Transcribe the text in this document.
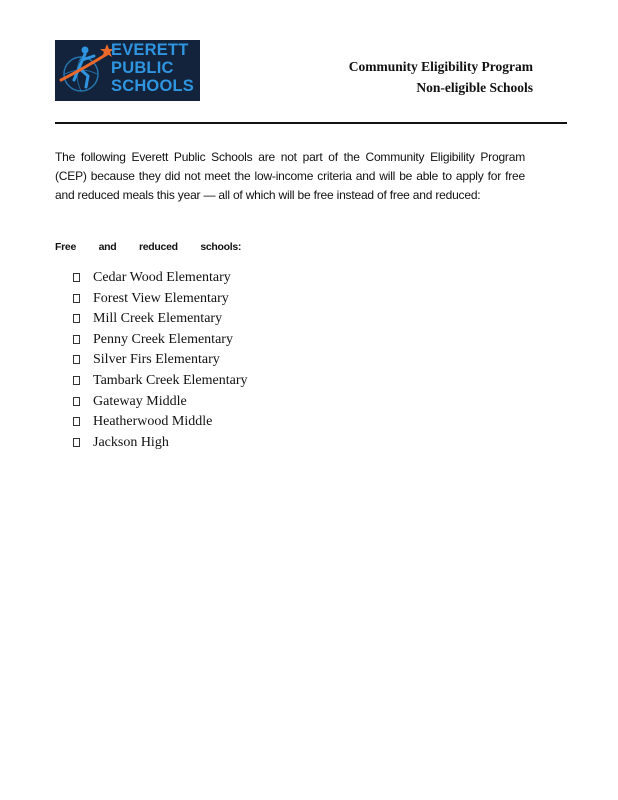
EVERETT
PUBLIC
SCHOOLS
Community Eligibility Program
Non-eligible Schools

The following Everett Public Schools are not part of the Community Eligibility Program (CEP) because they did not meet the low-income criteria and will be able to apply for free and reduced meals this year — all of which will be free instead of free and reduced:

Free and reduced schools:
Cedar Wood Elementary
Forest View Elementary
Mill Creek Elementary
Penny Creek Elementary
Silver Firs Elementary
Tambark Creek Elementary
Gateway Middle
Heatherwood Middle
Jackson High
